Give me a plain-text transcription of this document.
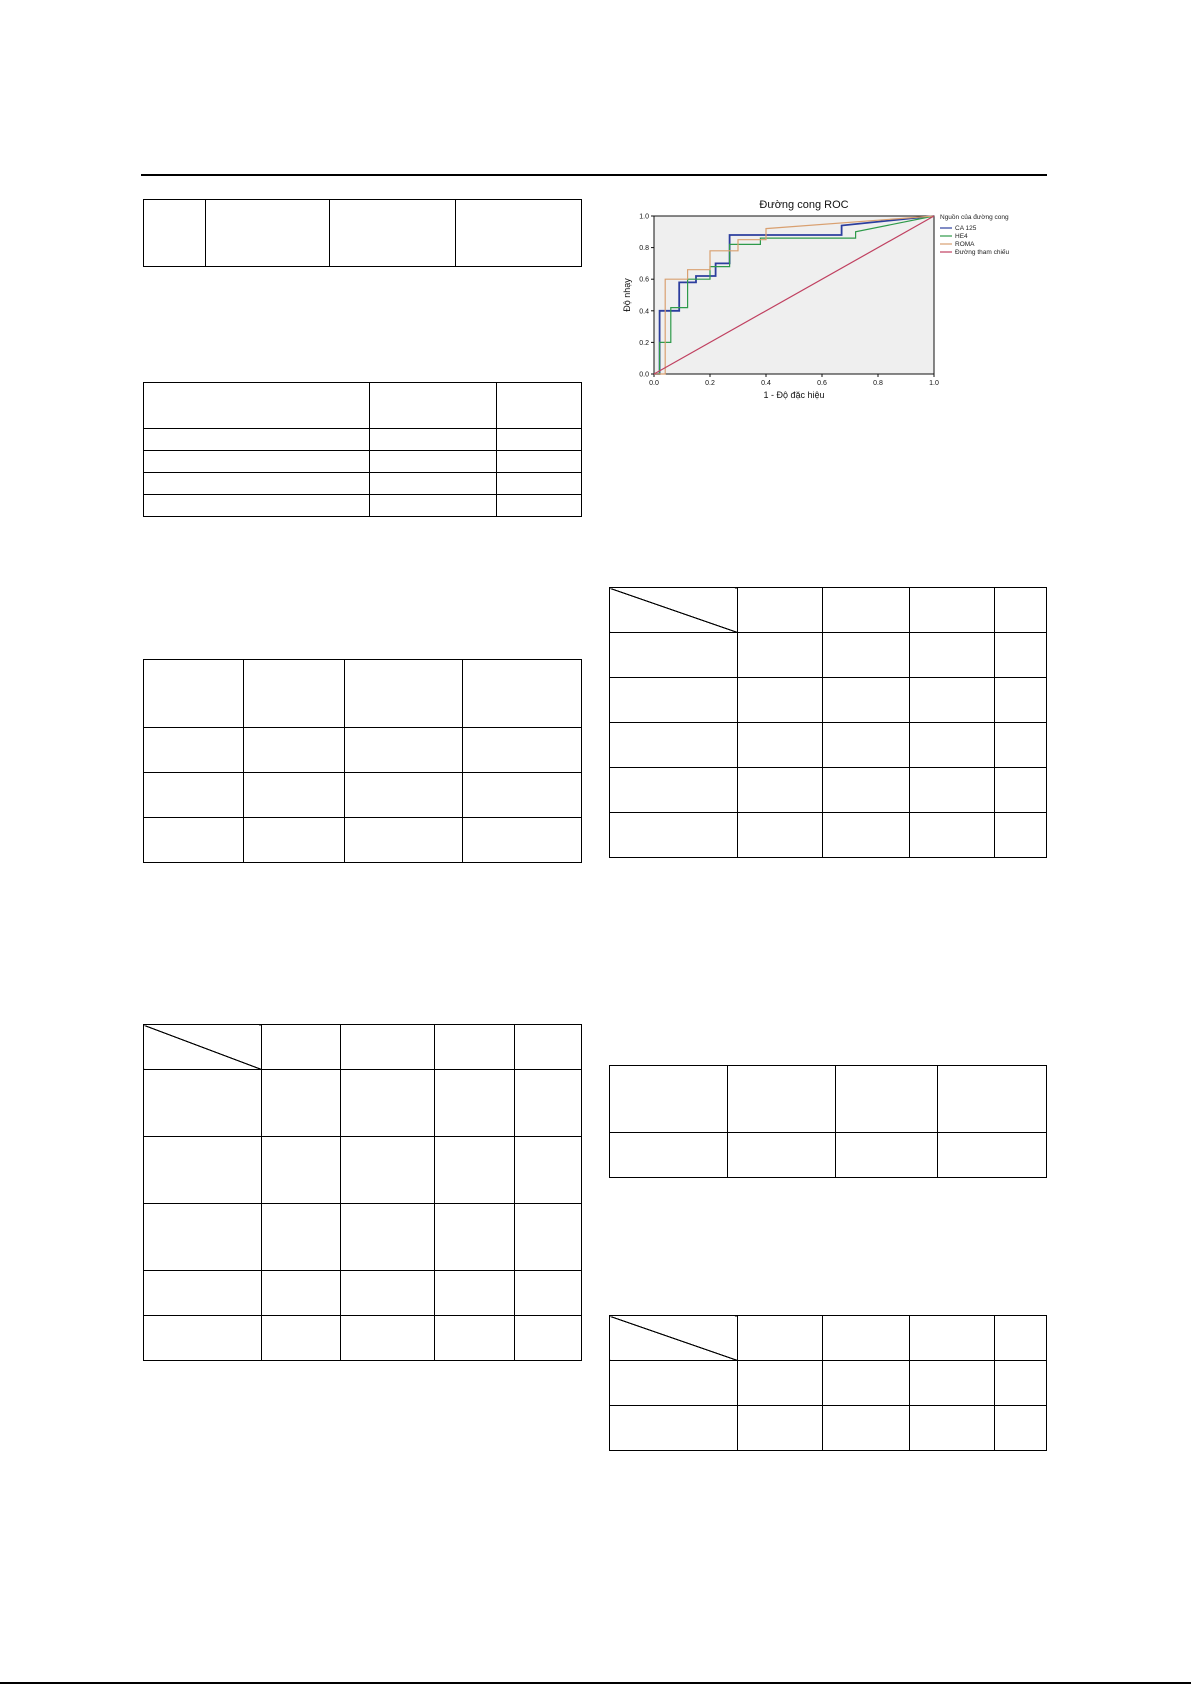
Đường cong ROC
0.0	0.2	0.4	0.6	0.8	1.0
0.0
0.2
0.4
0.6
0.8
1.0
1 - Độ đặc hiệu
Độ nhạy
Nguồn của đường cong
CA 125
HE4
ROMA
Đường tham chiếu
